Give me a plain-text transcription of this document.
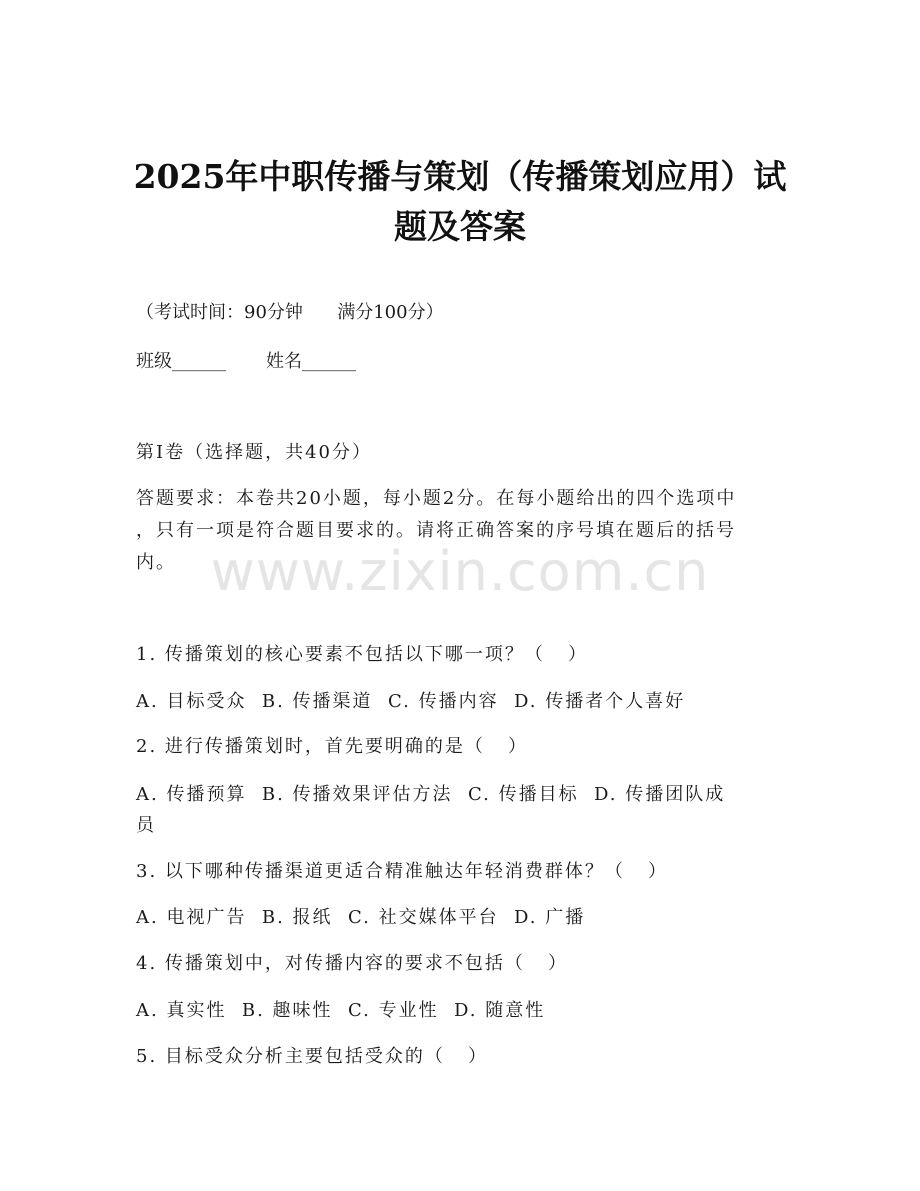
2025年中职传播与策划（传播策划应用）试
题及答案
（考试时间：90分钟      满分100分）
班级______       姓名______
第I卷（选择题，共40分）
答题要求：本卷共20小题，每小题2分。在每小题给出的四个选项中
，只有一项是符合题目要求的。请将正确答案的序号填在题后的括号
内。 www.zixin.com.cn
1. 传播策划的核心要素不包括以下哪一项？（   ）
A. 目标受众  B. 传播渠道  C. 传播内容  D. 传播者个人喜好
2. 进行传播策划时，首先要明确的是（   ）
A. 传播预算  B. 传播效果评估方法  C. 传播目标  D. 传播团队成
员
3. 以下哪种传播渠道更适合精准触达年轻消费群体？（   ）
A. 电视广告  B. 报纸  C. 社交媒体平台  D. 广播
4. 传播策划中，对传播内容的要求不包括（   ）
A. 真实性  B. 趣味性  C. 专业性  D. 随意性
5. 目标受众分析主要包括受众的（   ）
